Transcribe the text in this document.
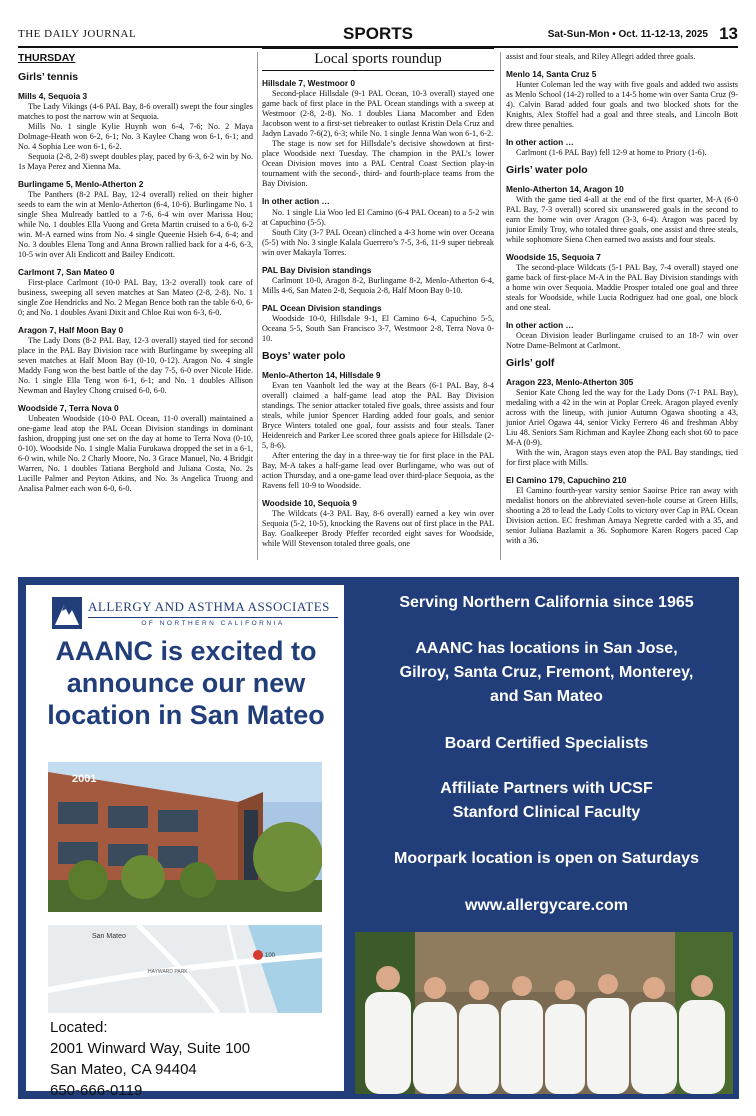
THE DAILY JOURNAL	SPORTS	Sat-Sun-Mon • Oct. 11-12-13, 2025 13
THURSDAY
Girls’ tennis
Mills 4, Sequoia 3

The Lady Vikings (4-6 PAL Bay, 8-6 overall) swept the four singles matches to post the narrow win at Sequoia.

Mills No. 1 single Kylie Huynh won 6-4, 7-6; No. 2 Maya Dolmage-Heath won 6-2, 6-1; No. 3 Kaylee Chang won 6-1, 6-1; and No. 4 Sophia Lee won 6-1, 6-2.

Sequoia (2-8, 2-8) swept doubles play, paced by 6-3, 6-2 win by No. 1s Maya Perez and Xienna Ma.

Burlingame 5, Menlo-Atherton 2

The Panthers (8-2 PAL Bay, 12-4 overall) relied on their higher seeds to earn the win at Menlo-Atherton (6-4, 10-6). Burlingame No. 1 single Shea Mulready battled to a 7-6, 6-4 win over Marissa Hou; while No. 1 doubles Ella Vuong and Greta Martin cruised to a 6-0, 6-2 win. M-A earned wins from No. 4 single Queenie Hsieh 6-4, 6-4; and No. 3 doubles Elena Tong and Anna Brown rallied back for a 4-6, 6-3, 10-5 win over Ali Endicott and Bailey Endicott.

Carlmont 7, San Mateo 0

First-place Carlmont (10-0 PAL Bay, 13-2 overall) took care of business, sweeping all seven matches at San Mateo (2-8, 2-8). No. 1 single Zoe Hendricks and No. 2 Megan Bence both ran the table 6-0, 6-0; and No. 1 doubles Avani Dixit and Chloe Rui won 6-3, 6-0.

Aragon 7, Half Moon Bay 0

The Lady Dons (8-2 PAL Bay, 12-3 overall) stayed tied for second place in the PAL Bay Division race with Burlingame by sweeping all seven matches at Half Moon Bay (0-10, 0-12). Aragon No. 4 single Maddy Fong won the best battle of the day 7-5, 6-0 over Nicole Hide. No. 1 single Ella Teng won 6-1, 6-1; and No. 1 doubles Allison Newman and Hayley Chong cruised 6-0, 6-0.

Woodside 7, Terra Nova 0

Unbeaten Woodside (10-0 PAL Ocean, 11-0 overall) maintained a one-game lead atop the PAL Ocean Division standings in dominant fashion, dropping just one set on the day at home to Terra Nova (0-10, 0-10). Woodside No. 1 single Malia Furukawa dropped the set in a 6-1, 6-0 win, while No. 2 Charly Moore, No. 3 Grace Manuel, No. 4 Bridgit Warren, No. 1 doubles Tatiana Berghold and Juliana Costa, No. 2s Lucille Palmer and Peyton Atkins, and No. 3s Angelica Truong and Analisa Palmer each won 6-0, 6-0.

Local sports roundup
Hillsdale 7, Westmoor 0

Second-place Hillsdale (9-1 PAL Ocean, 10-3 overall) stayed one game back of first place in the PAL Ocean standings with a sweep at Westmoor (2-8, 2-8). No. 1 doubles Liana Macomber and Eden Jacobson went to a first-set tiebreaker to outlast Kristin Dela Cruz and Jadyn Lavado 7-6(2), 6-3; while No. 1 single Jenna Wan won 6-1, 6-2.

The stage is now set for Hillsdale’s decisive showdown at first-place Woodside next Tuesday. The champion in the PAL’s lower Ocean Division moves into a PAL Central Coast Section play-in tournament with the second-, third- and fourth-place teams from the Bay Division.

In other action …

No. 1 single Lia Woo led El Camino (6-4 PAL Ocean) to a 5-2 win at Capuchino (5-5).

South City (3-7 PAL Ocean) clinched a 4-3 home win over Oceana (5-5) with No. 3 single Kalala Guerrero’s 7-5, 3-6, 11-9 super tiebreak win over Makayla Torres.

PAL Bay Division standings

Carlmont 10-0, Aragon 8-2, Burlingame 8-2, Menlo-Atherton 6-4, Mills 4-6, San Mateo 2-8, Sequoia 2-8, Half Moon Bay 0-10.

PAL Ocean Division standings

Woodside 10-0, Hillsdale 9-1, El Camino 6-4, Capuchino 5-5, Oceana 5-5, South San Francisco 3-7, Westmoor 2-8, Terra Nova 0-10.

Boys’ water polo
Menlo-Atherton 14, Hillsdale 9

Evan ten Vaanholt led the way at the Bears (6-1 PAL Bay, 8-4 overall) claimed a half-game lead atop the PAL Bay Division standings. The senior attacker totaled five goals, three assists and four steals, while junior Spencer Harding added four goals, and senior Bryce Winters totaled one goal, four assists and four steals. Taner Heidenreich and Parker Lee scored three goals apiece for Hillsdale (2-5, 8-6).

After entering the day in a three-way tie for first place in the PAL Bay, M-A takes a half-game lead over Burlingame, who was out of action Thursday, and a one-game lead over third-place Sequoia, as the Ravens fell 10-9 to Woodside.

Woodside 10, Sequoia 9

The Wildcats (4-3 PAL Bay, 8-6 overall) earned a key win over Sequoia (5-2, 10-5), knocking the Ravens out of first place in the PAL Bay. Goalkeeper Brody Pfeffer recorded eight saves for Woodside, while Will Stevenson totaled three goals, one

assist and four steals, and Riley Allegri added three goals.

Menlo 14, Santa Cruz 5

Hunter Coleman led the way with five goals and added two assists as Menlo School (14-2) rolled to a 14-5 home win over Santa Cruz (9-4). Calvin Barad added four goals and two blocked shots for the Knights, Alex Stoffel had a goal and three steals, and Lincoln Bott drew three penalties.

In other action …

Carlmont (1-6 PAL Bay) fell 12-9 at home to Priory (1-6).

Girls’ water polo
Menlo-Atherton 14, Aragon 10

With the game tied 4-all at the end of the first quarter, M-A (6-0 PAL Bay, 7-3 overall) scored six unanswered goals in the second to earn the home win over Aragon (3-3, 6-4). Aragon was paced by junior Emily Troy, who totaled three goals, one assist and three steals, while sophomore Siena Chen earned two assists and four steals.

Woodside 15, Sequoia 7

The second-place Wildcats (5-1 PAL Bay, 7-4 overall) stayed one game back of first-place M-A in the PAL Bay Division standings with a home win over Sequoia. Maddie Prosper totaled one goal and three steals for Woodside, while Lucia Rodriguez had one goal, one block and one steal.

In other action …

Ocean Division leader Burlingame cruised to an 18-7 win over Notre Dame-Belmont at Carlmont.

Girls’ golf
Aragon 223, Menlo-Atherton 305

Senior Kate Chong led the way for the Lady Dons (7-1 PAL Bay), medaling with a 42 in the win at Poplar Creek. Aragon played evenly across with the lineup, with junior Autumn Ogawa shooting a 43, junior Ariel Ogawa 44, senior Vicky Ferrero 46 and freshman Abby Liu 48. Seniors Sam Richman and Kaylee Zhong each shot 60 to pace M-A (0-9).

With the win, Aragon stays even atop the PAL Bay standings, tied for first place with Mills.

El Camino 179, Capuchino 210

El Camino fourth-year varsity senior Saoirse Price ran away with medalist honors on the abbreviated seven-hole course at Green Hills, shooting a 28 to lead the Lady Colts to victory over Cap in PAL Ocean Division action. EC freshman Amaya Negrette carded with a 35, and senior Juliana Bazlamit a 36. Sophomore Karen Rogers paced Cap with a 36.

ALLERGY AND ASTHMA ASSOCIATES
OF NORTHERN CALIFORNIA
AAANC is excited to announce our new location in San Mateo
2001
San Mateo
HAYWARD PARK
100
Located:
2001 Winward Way, Suite 100
San Mateo, CA 94404
650-666-0119
Serving Northern California since 1965
AAANC has locations in San Jose, Gilroy, Santa Cruz, Fremont, Monterey, and San Mateo
Board Certified Specialists
Affiliate Partners with UCSF Stanford Clinical Faculty
Moorpark location is open on Saturdays
www.allergycare.com
